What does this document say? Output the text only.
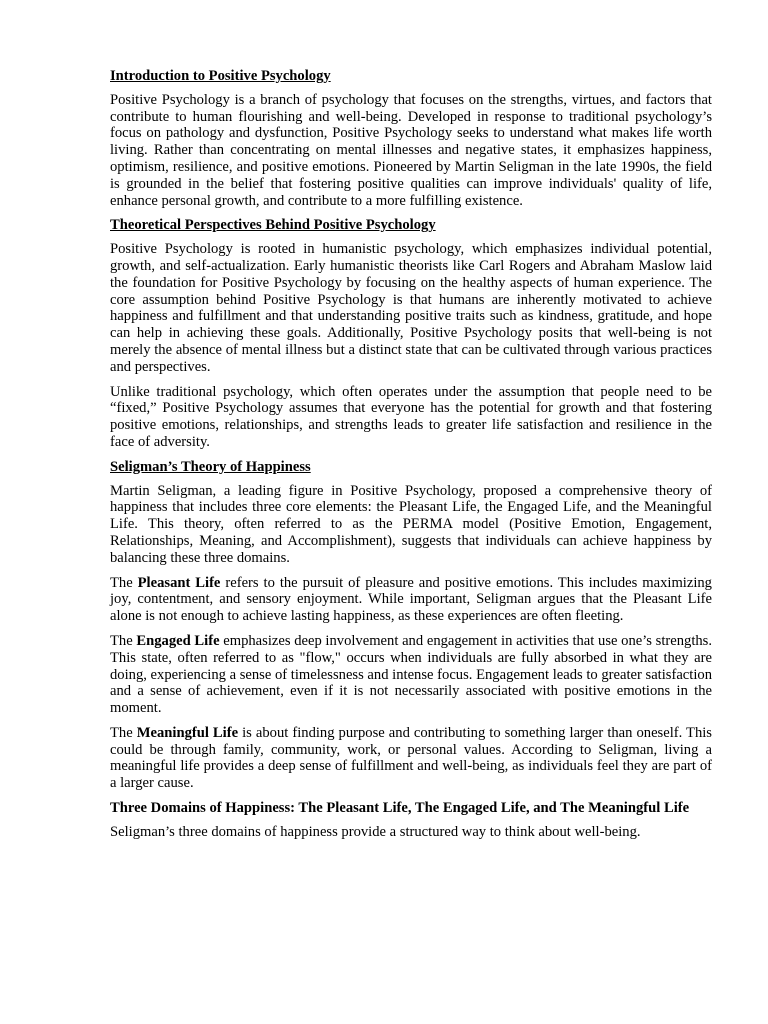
Introduction to Positive Psychology

Positive Psychology is a branch of psychology that focuses on the strengths, virtues, and factors that contribute to human flourishing and well-being. Developed in response to traditional psychology’s focus on pathology and dysfunction, Positive Psychology seeks to understand what makes life worth living. Rather than concentrating on mental illnesses and negative states, it emphasizes happiness, optimism, resilience, and positive emotions. Pioneered by Martin Seligman in the late 1990s, the field is grounded in the belief that fostering positive qualities can improve individuals' quality of life, enhance personal growth, and contribute to a more fulfilling existence.

Theoretical Perspectives Behind Positive Psychology

Positive Psychology is rooted in humanistic psychology, which emphasizes individual potential, growth, and self-actualization. Early humanistic theorists like Carl Rogers and Abraham Maslow laid the foundation for Positive Psychology by focusing on the healthy aspects of human experience. The core assumption behind Positive Psychology is that humans are inherently motivated to achieve happiness and fulfillment and that understanding positive traits such as kindness, gratitude, and hope can help in achieving these goals. Additionally, Positive Psychology posits that well-being is not merely the absence of mental illness but a distinct state that can be cultivated through various practices and perspectives.

Unlike traditional psychology, which often operates under the assumption that people need to be “fixed,” Positive Psychology assumes that everyone has the potential for growth and that fostering positive emotions, relationships, and strengths leads to greater life satisfaction and resilience in the face of adversity.

Seligman’s Theory of Happiness

Martin Seligman, a leading figure in Positive Psychology, proposed a comprehensive theory of happiness that includes three core elements: the Pleasant Life, the Engaged Life, and the Meaningful Life. This theory, often referred to as the PERMA model (Positive Emotion, Engagement, Relationships, Meaning, and Accomplishment), suggests that individuals can achieve happiness by balancing these three domains.

The Pleasant Life refers to the pursuit of pleasure and positive emotions. This includes maximizing joy, contentment, and sensory enjoyment. While important, Seligman argues that the Pleasant Life alone is not enough to achieve lasting happiness, as these experiences are often fleeting.

The Engaged Life emphasizes deep involvement and engagement in activities that use one’s strengths. This state, often referred to as "flow," occurs when individuals are fully absorbed in what they are doing, experiencing a sense of timelessness and intense focus. Engagement leads to greater satisfaction and a sense of achievement, even if it is not necessarily associated with positive emotions in the moment.

The Meaningful Life is about finding purpose and contributing to something larger than oneself. This could be through family, community, work, or personal values. According to Seligman, living a meaningful life provides a deep sense of fulfillment and well-being, as individuals feel they are part of a larger cause.

Three Domains of Happiness: The Pleasant Life, The Engaged Life, and The Meaningful Life

Seligman’s three domains of happiness provide a structured way to think about well-being.
